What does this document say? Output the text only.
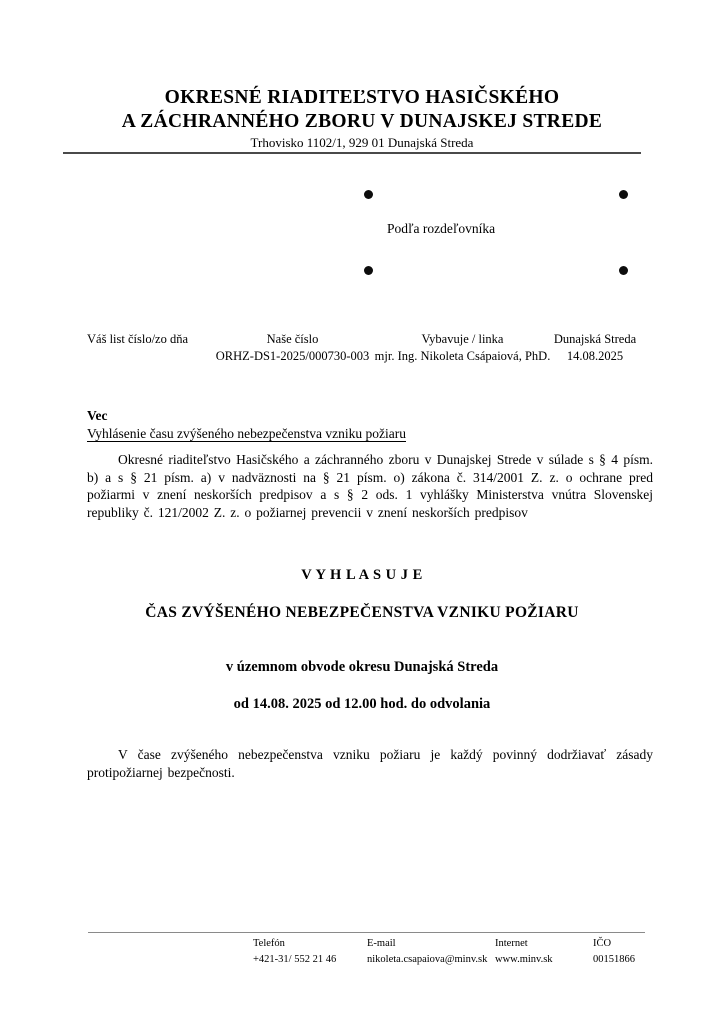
OKRESNÉ RIADITEĽSTVO HASIČSKÉHO
A ZÁCHRANNÉHO ZBORU V DUNAJSKEJ STREDE
Trhovisko 1102/1, 929 01 Dunajská Streda
Podľa rozdeľovníka
Váš list číslo/zo dňa	Naše číslo
ORHZ-DS1-2025/000730-003
Vybavuje / linka
mjr. Ing. Nikoleta Csápaiová, PhD.
Dunajská Streda
14.08.2025
Vec
Vyhlásenie času zvýšeného nebezpečenstva vzniku požiaru
Okresné riaditeľstvo Hasičského a záchranného zboru v Dunajskej Strede v súlade s § 4 písm. b) a s § 21 písm. a) v nadväznosti na § 21 písm. o) zákona č. 314/2001 Z. z. o ochrane pred požiarmi v znení neskorších predpisov a s § 2 ods. 1 vyhlášky Ministerstva vnútra Slovenskej republiky č. 121/2002 Z. z. o požiarnej prevencii v znení neskorších predpisov
V Y H L A S U J E
ČAS ZVÝŠENÉHO NEBEZPEČENSTVA VZNIKU POŽIARU
v územnom obvode okresu Dunajská Streda
od 14.08. 2025 od 12.00 hod. do odvolania
V čase zvýšeného nebezpečenstva vzniku požiaru je každý povinný dodržiavať zásady protipožiarnej bezpečnosti.
Telefón
+421-31/ 552 21 46
E-mail
nikoleta.csapaiova@minv.sk
Internet
www.minv.sk
IČO
00151866
